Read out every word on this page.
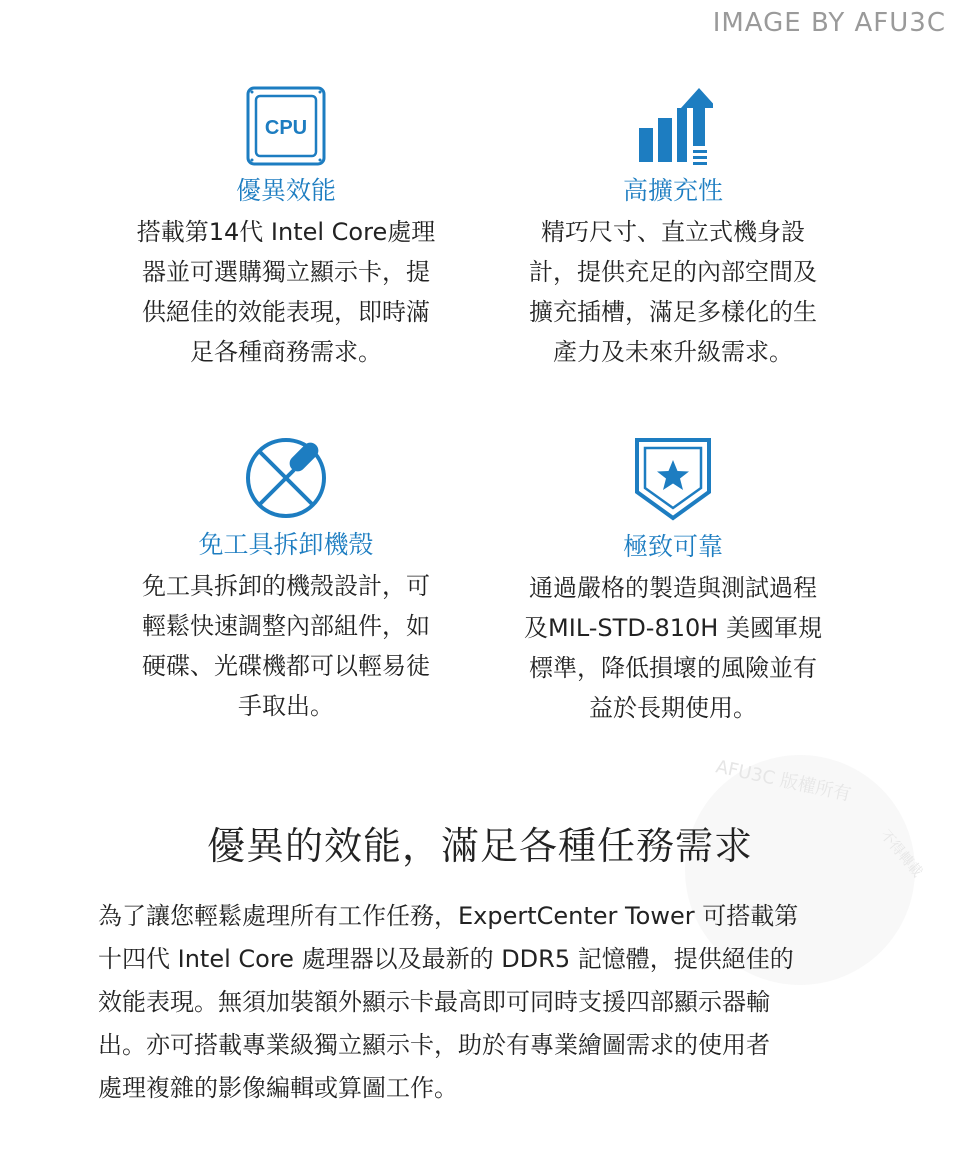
IMAGE BY AFU3C
CPU
優異效能
搭載第14代 Intel Core處理
器並可選購獨立顯示卡，提
供絕佳的效能表現，即時滿
足各種商務需求。
高擴充性
精巧尺寸、直立式機身設
計，提供充足的內部空間及
擴充插槽，滿足多樣化的生
產力及未來升級需求。
免工具拆卸機殼
免工具拆卸的機殼設計，可
輕鬆快速調整內部組件，如
硬碟、光碟機都可以輕易徒
手取出。
極致可靠
通過嚴格的製造與測試過程
及MIL-STD-810H 美國軍規
標準，降低損壞的風險並有
益於長期使用。
AFU3C 版權所有
不得轉載
優異的效能，滿足各種任務需求
為了讓您輕鬆處理所有工作任務，ExpertCenter Tower 可搭載第
十四代 Intel Core 處理器以及最新的 DDR5 記憶體，提供絕佳的
效能表現。無須加裝額外顯示卡最高即可同時支援四部顯示器輸
出。亦可搭載專業級獨立顯示卡，助於有專業繪圖需求的使用者
處理複雜的影像編輯或算圖工作。
